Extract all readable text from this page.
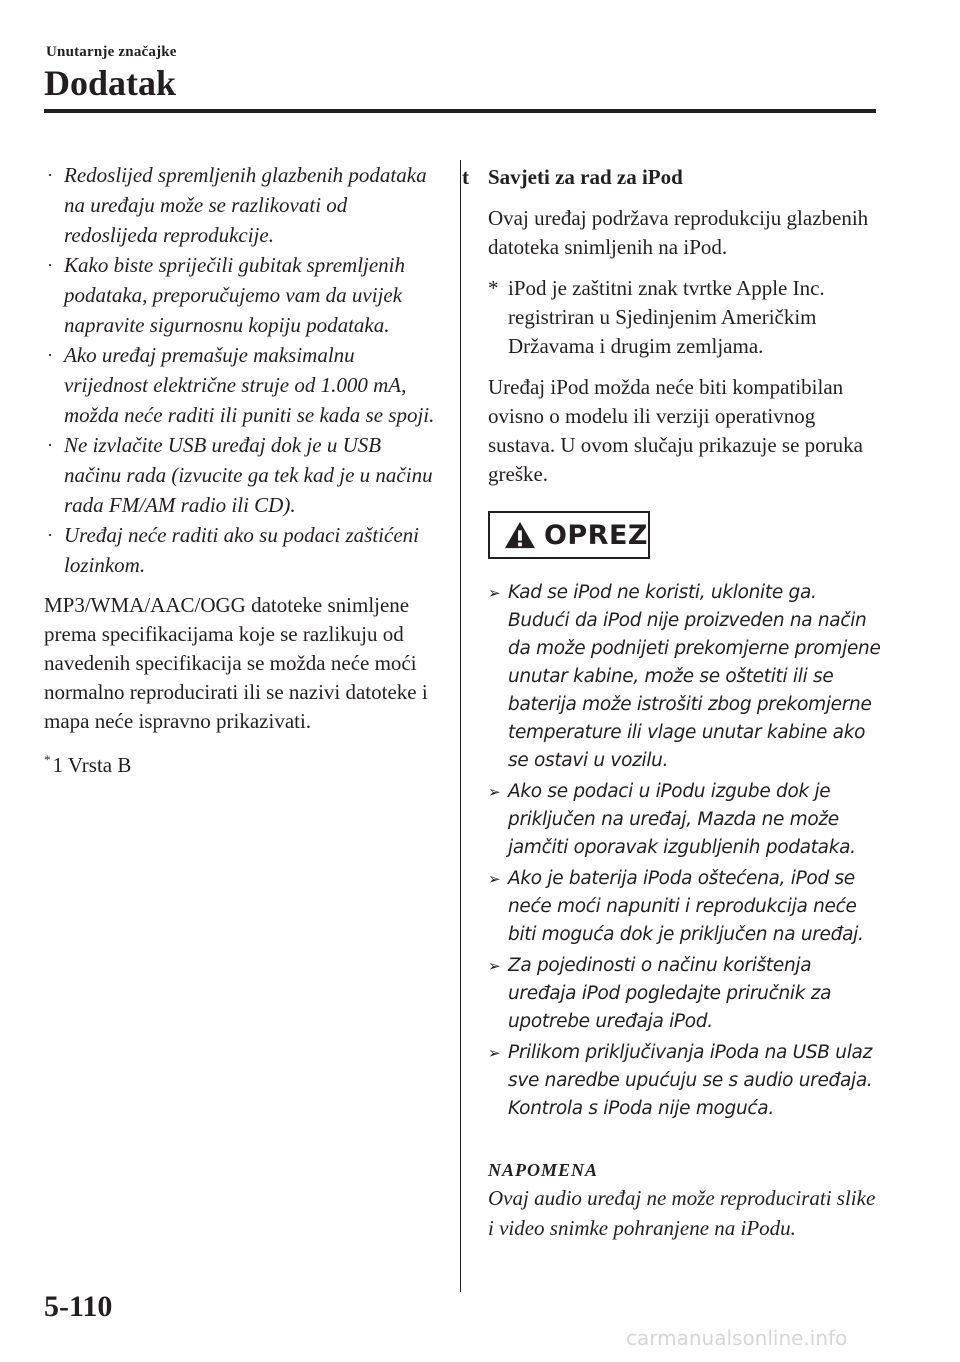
Unutarnje značajke
Dodatak
· Redoslijed spremljenih glazbenih podataka na uređaju može se razlikovati od redoslijeda reprodukcije.
· Kako biste spriječili gubitak spremljenih podataka, preporučujemo vam da uvijek napravite sigurnosnu kopiju podataka.
· Ako uređaj premašuje maksimalnu vrijednost električne struje od 1.000 mA, možda neće raditi ili puniti se kada se spoji.
· Ne izvlačite USB uređaj dok je u USB načinu rada (izvucite ga tek kad je u načinu rada FM/AM radio ili CD).
· Uređaj neće raditi ako su podaci zaštićeni lozinkom.

MP3/WMA/AAC/OGG datoteke snimljene prema specifikacijama koje se razlikuju od navedenih specifikacija se možda neće moći normalno reproducirati ili se nazivi datoteke i mapa neće ispravno prikazivati.

*1 Vrsta B
t Savjeti za rad za iPod

Ovaj uređaj podržava reprodukciju glazbenih datoteka snimljenih na iPod.

* iPod je zaštitni znak tvrtke Apple Inc. registriran u Sjedinjenim Američkim Državama i drugim zemljama.

Uređaj iPod možda neće biti kompatibilan ovisno o modelu ili verziji operativnog sustava. U ovom slučaju prikazuje se poruka greške.

OPREZ
➢ Kad se iPod ne koristi, uklonite ga. Budući da iPod nije proizveden na način da može podnijeti prekomjerne promjene unutar kabine, može se oštetiti ili se baterija može istrošiti zbog prekomjerne temperature ili vlage unutar kabine ako se ostavi u vozilu.
➢ Ako se podaci u iPodu izgube dok je priključen na uređaj, Mazda ne može jamčiti oporavak izgubljenih podataka.
➢ Ako je baterija iPoda oštećena, iPod se neće moći napuniti i reprodukcija neće biti moguća dok je priključen na uređaj.
➢ Za pojedinosti o načinu korištenja uređaja iPod pogledajte priručnik za upotrebe uređaja iPod.
➢ Prilikom priključivanja iPoda na USB ulaz sve naredbe upućuju se s audio uređaja. Kontrola s iPoda nije moguća.
NAPOMENA
Ovaj audio uređaj ne može reproducirati slike i video snimke pohranjene na iPodu.
5-110
carmanualsonline.info
